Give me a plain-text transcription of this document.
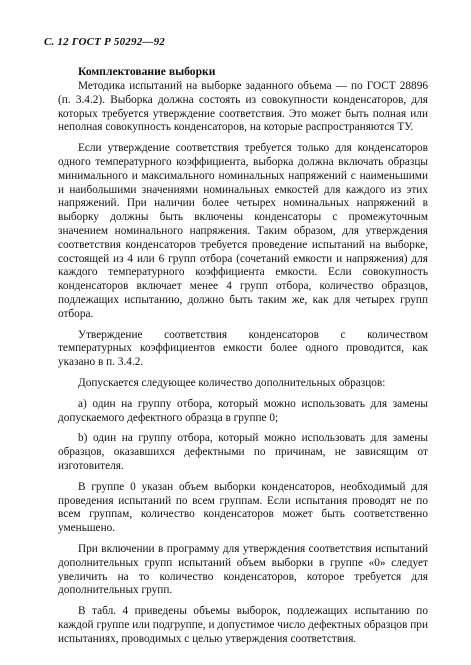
С. 12 ГОСТ Р 50292—92
Комплектование выборки

Методика испытаний на выборке заданного объема — по ГОСТ 28896 (п. 3.4.2). Выборка должна состоять из совокупности конденсаторов, для которых требуется утверждение соответствия. Это может быть полная или неполная совокупность конденсаторов, на которые распространяются ТУ.

Если утверждение соответствия требуется только для конденсаторов одного температурного коэффициента, выборка должна включать образцы минимального и максимального номинальных напряжений с наименьшими и наибольшими значениями номинальных емкостей для каждого из этих напряжений. При наличии более четырех номинальных напряжений в выборку должны быть включены конденсаторы с промежуточным значением номинального напряжения. Таким образом, для утверждения соответствия конденсаторов требуется проведение испытаний на выборке, состоящей из 4 или 6 групп отбора (сочетаний емкости и напряжения) для каждого температурного коэффициента емкости. Если совокупность конденсаторов включает менее 4 групп отбора, количество образцов, подлежащих испытанию, должно быть таким же, как для четырех групп отбора.

Утверждение соответствия конденсаторов с количеством температурных коэффициентов емкости более одного проводится, как указано в п. 3.4.2.

Допускается следующее количество дополнительных образцов:

а) один на группу отбора, который можно использовать для замены допускаемого дефектного образца в группе 0;

b) один на группу отбора, который можно использовать для замены образцов, оказавшихся дефектными по причинам, не зависящим от изготовителя.

В группе 0 указан объем выборки конденсаторов, необходимый для проведения испытаний по всем группам. Если испытания проводят не по всем группам, количество конденсаторов может быть соответственно уменьшено.

При включении в программу для утверждения соответствия испытаний дополнительных групп испытаний объем выборки в группе «0» следует увеличить на то количество конденсаторов, которое требуется для дополнительных групп.

В табл. 4 приведены объемы выборок, подлежащих испытанию по каждой группе или подгруппе, и допустимое число дефектных образцов при испытаниях, проводимых с целью утверждения соответствия.
